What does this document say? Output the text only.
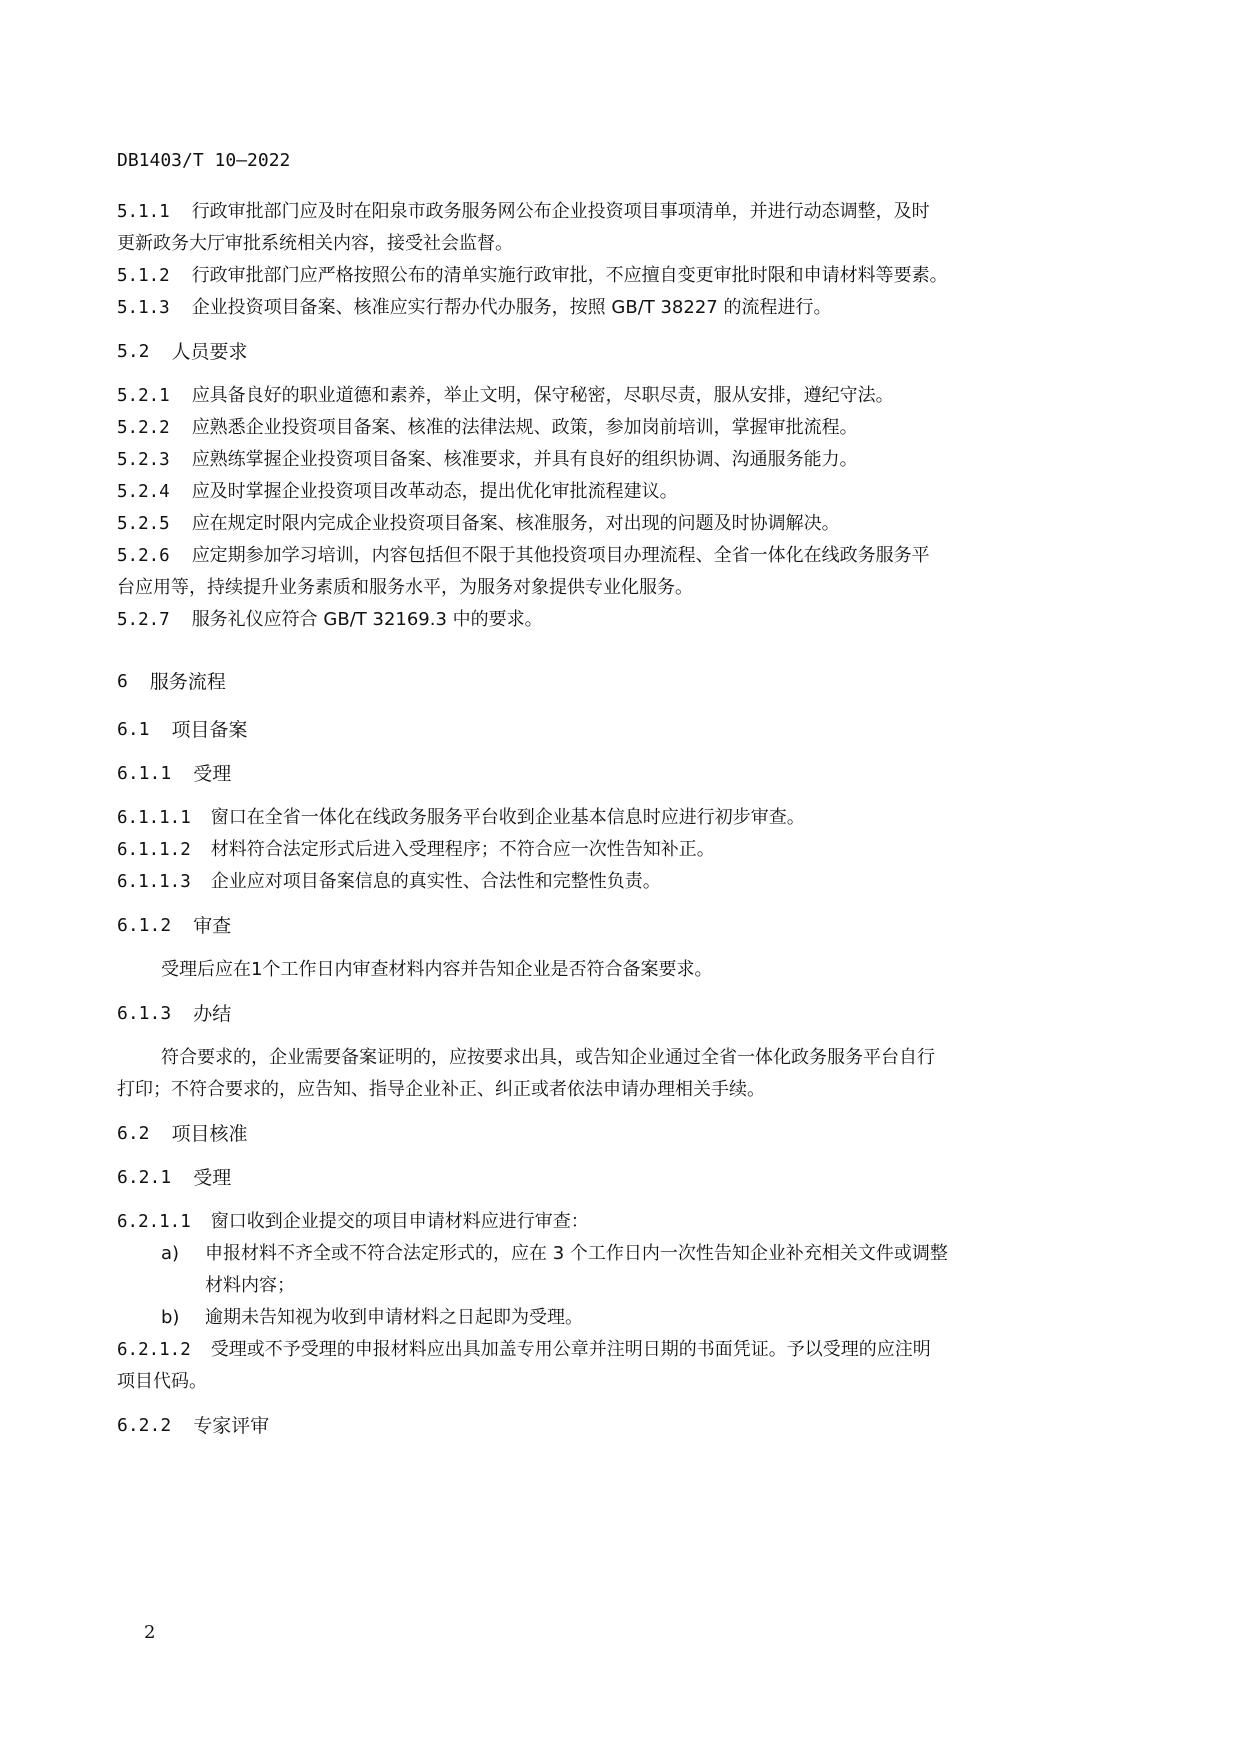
DB1403/T 10—2022
5.1.1 行政审批部门应及时在阳泉市政务服务网公布企业投资项目事项清单，并进行动态调整，及时
更新政务大厅审批系统相关内容，接受社会监督。
5.1.2 行政审批部门应严格按照公布的清单实施行政审批，不应擅自变更审批时限和申请材料等要素。
5.1.3 企业投资项目备案、核准应实行帮办代办服务，按照 GB/T 38227 的流程进行。
5.2 人员要求
5.2.1 应具备良好的职业道德和素养，举止文明，保守秘密，尽职尽责，服从安排，遵纪守法。
5.2.2 应熟悉企业投资项目备案、核准的法律法规、政策，参加岗前培训，掌握审批流程。
5.2.3 应熟练掌握企业投资项目备案、核准要求，并具有良好的组织协调、沟通服务能力。
5.2.4 应及时掌握企业投资项目改革动态，提出优化审批流程建议。
5.2.5 应在规定时限内完成企业投资项目备案、核准服务，对出现的问题及时协调解决。
5.2.6 应定期参加学习培训，内容包括但不限于其他投资项目办理流程、全省一体化在线政务服务平
台应用等，持续提升业务素质和服务水平，为服务对象提供专业化服务。
5.2.7 服务礼仪应符合 GB/T 32169.3 中的要求。
6 服务流程
6.1 项目备案
6.1.1 受理
6.1.1.1 窗口在全省一体化在线政务服务平台收到企业基本信息时应进行初步审查。
6.1.1.2 材料符合法定形式后进入受理程序；不符合应一次性告知补正。
6.1.1.3 企业应对项目备案信息的真实性、合法性和完整性负责。
6.1.2 审查
受理后应在1个工作日内审查材料内容并告知企业是否符合备案要求。
6.1.3 办结
符合要求的，企业需要备案证明的，应按要求出具，或告知企业通过全省一体化政务服务平台自行
打印；不符合要求的，应告知、指导企业补正、纠正或者依法申请办理相关手续。
6.2 项目核准
6.2.1 受理
6.2.1.1 窗口收到企业提交的项目申请材料应进行审查：
a)	申报材料不齐全或不符合法定形式的，应在 3 个工作日内一次性告知企业补充相关文件或调整
材料内容；
b)	逾期未告知视为收到申请材料之日起即为受理。
6.2.1.2 受理或不予受理的申报材料应出具加盖专用公章并注明日期的书面凭证。予以受理的应注明
项目代码。
6.2.2 专家评审
2
